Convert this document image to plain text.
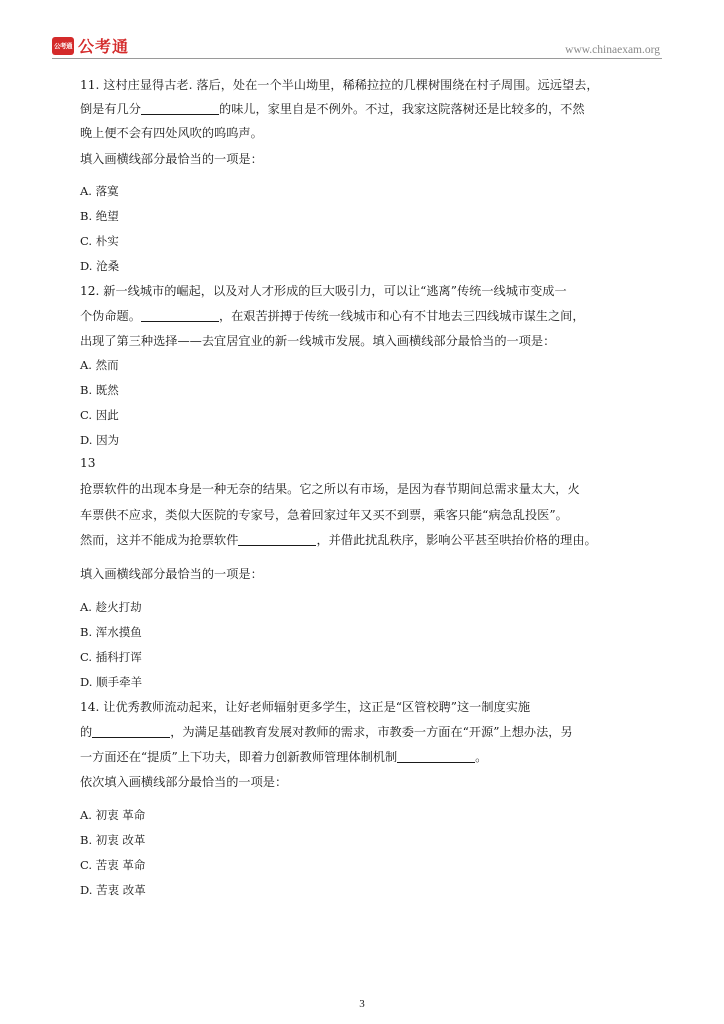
公考通 公考通	www.chinaexam.org
11. 这村庄显得古老. 落后，处在一个半山坳里，稀稀拉拉的几棵树围绕在村子周围。远远望去，
倒是有几分	的味儿，家里自是不例外。不过，我家这院落树还是比较多的，不然
晚上便不会有四处风吹的呜呜声。
填入画横线部分最恰当的一项是：
A. 落寞
B. 绝望
C. 朴实
D. 沧桑
12. 新一线城市的崛起，以及对人才形成的巨大吸引力，可以让“逃离”传统一线城市变成一
个伪命题。	，在艰苦拼搏于传统一线城市和心有不甘地去三四线城市谋生之间，
出现了第三种选择——去宜居宜业的新一线城市发展。填入画横线部分最恰当的一项是：
A. 然而
B. 既然
C. 因此
D. 因为
13
抢票软件的出现本身是一种无奈的结果。它之所以有市场，是因为春节期间总需求量太大，火
车票供不应求，类似大医院的专家号，急着回家过年又买不到票，乘客只能“病急乱投医”。
然而，这并不能成为抢票软件	，并借此扰乱秩序，影响公平甚至哄抬价格的理由。
填入画横线部分最恰当的一项是：
A. 趁火打劫
B. 浑水摸鱼
C. 插科打诨
D. 顺手牵羊
14. 让优秀教师流动起来，让好老师辐射更多学生，这正是“区管校聘”这一制度实施
的	，为满足基础教育发展对教师的需求，市教委一方面在“开源”上想办法，另
一方面还在“提质”上下功夫，即着力创新教师管理体制机制	。
依次填入画横线部分最恰当的一项是：
A. 初衷 革命
B. 初衷 改革
C. 苦衷 革命
D. 苦衷 改革
3
